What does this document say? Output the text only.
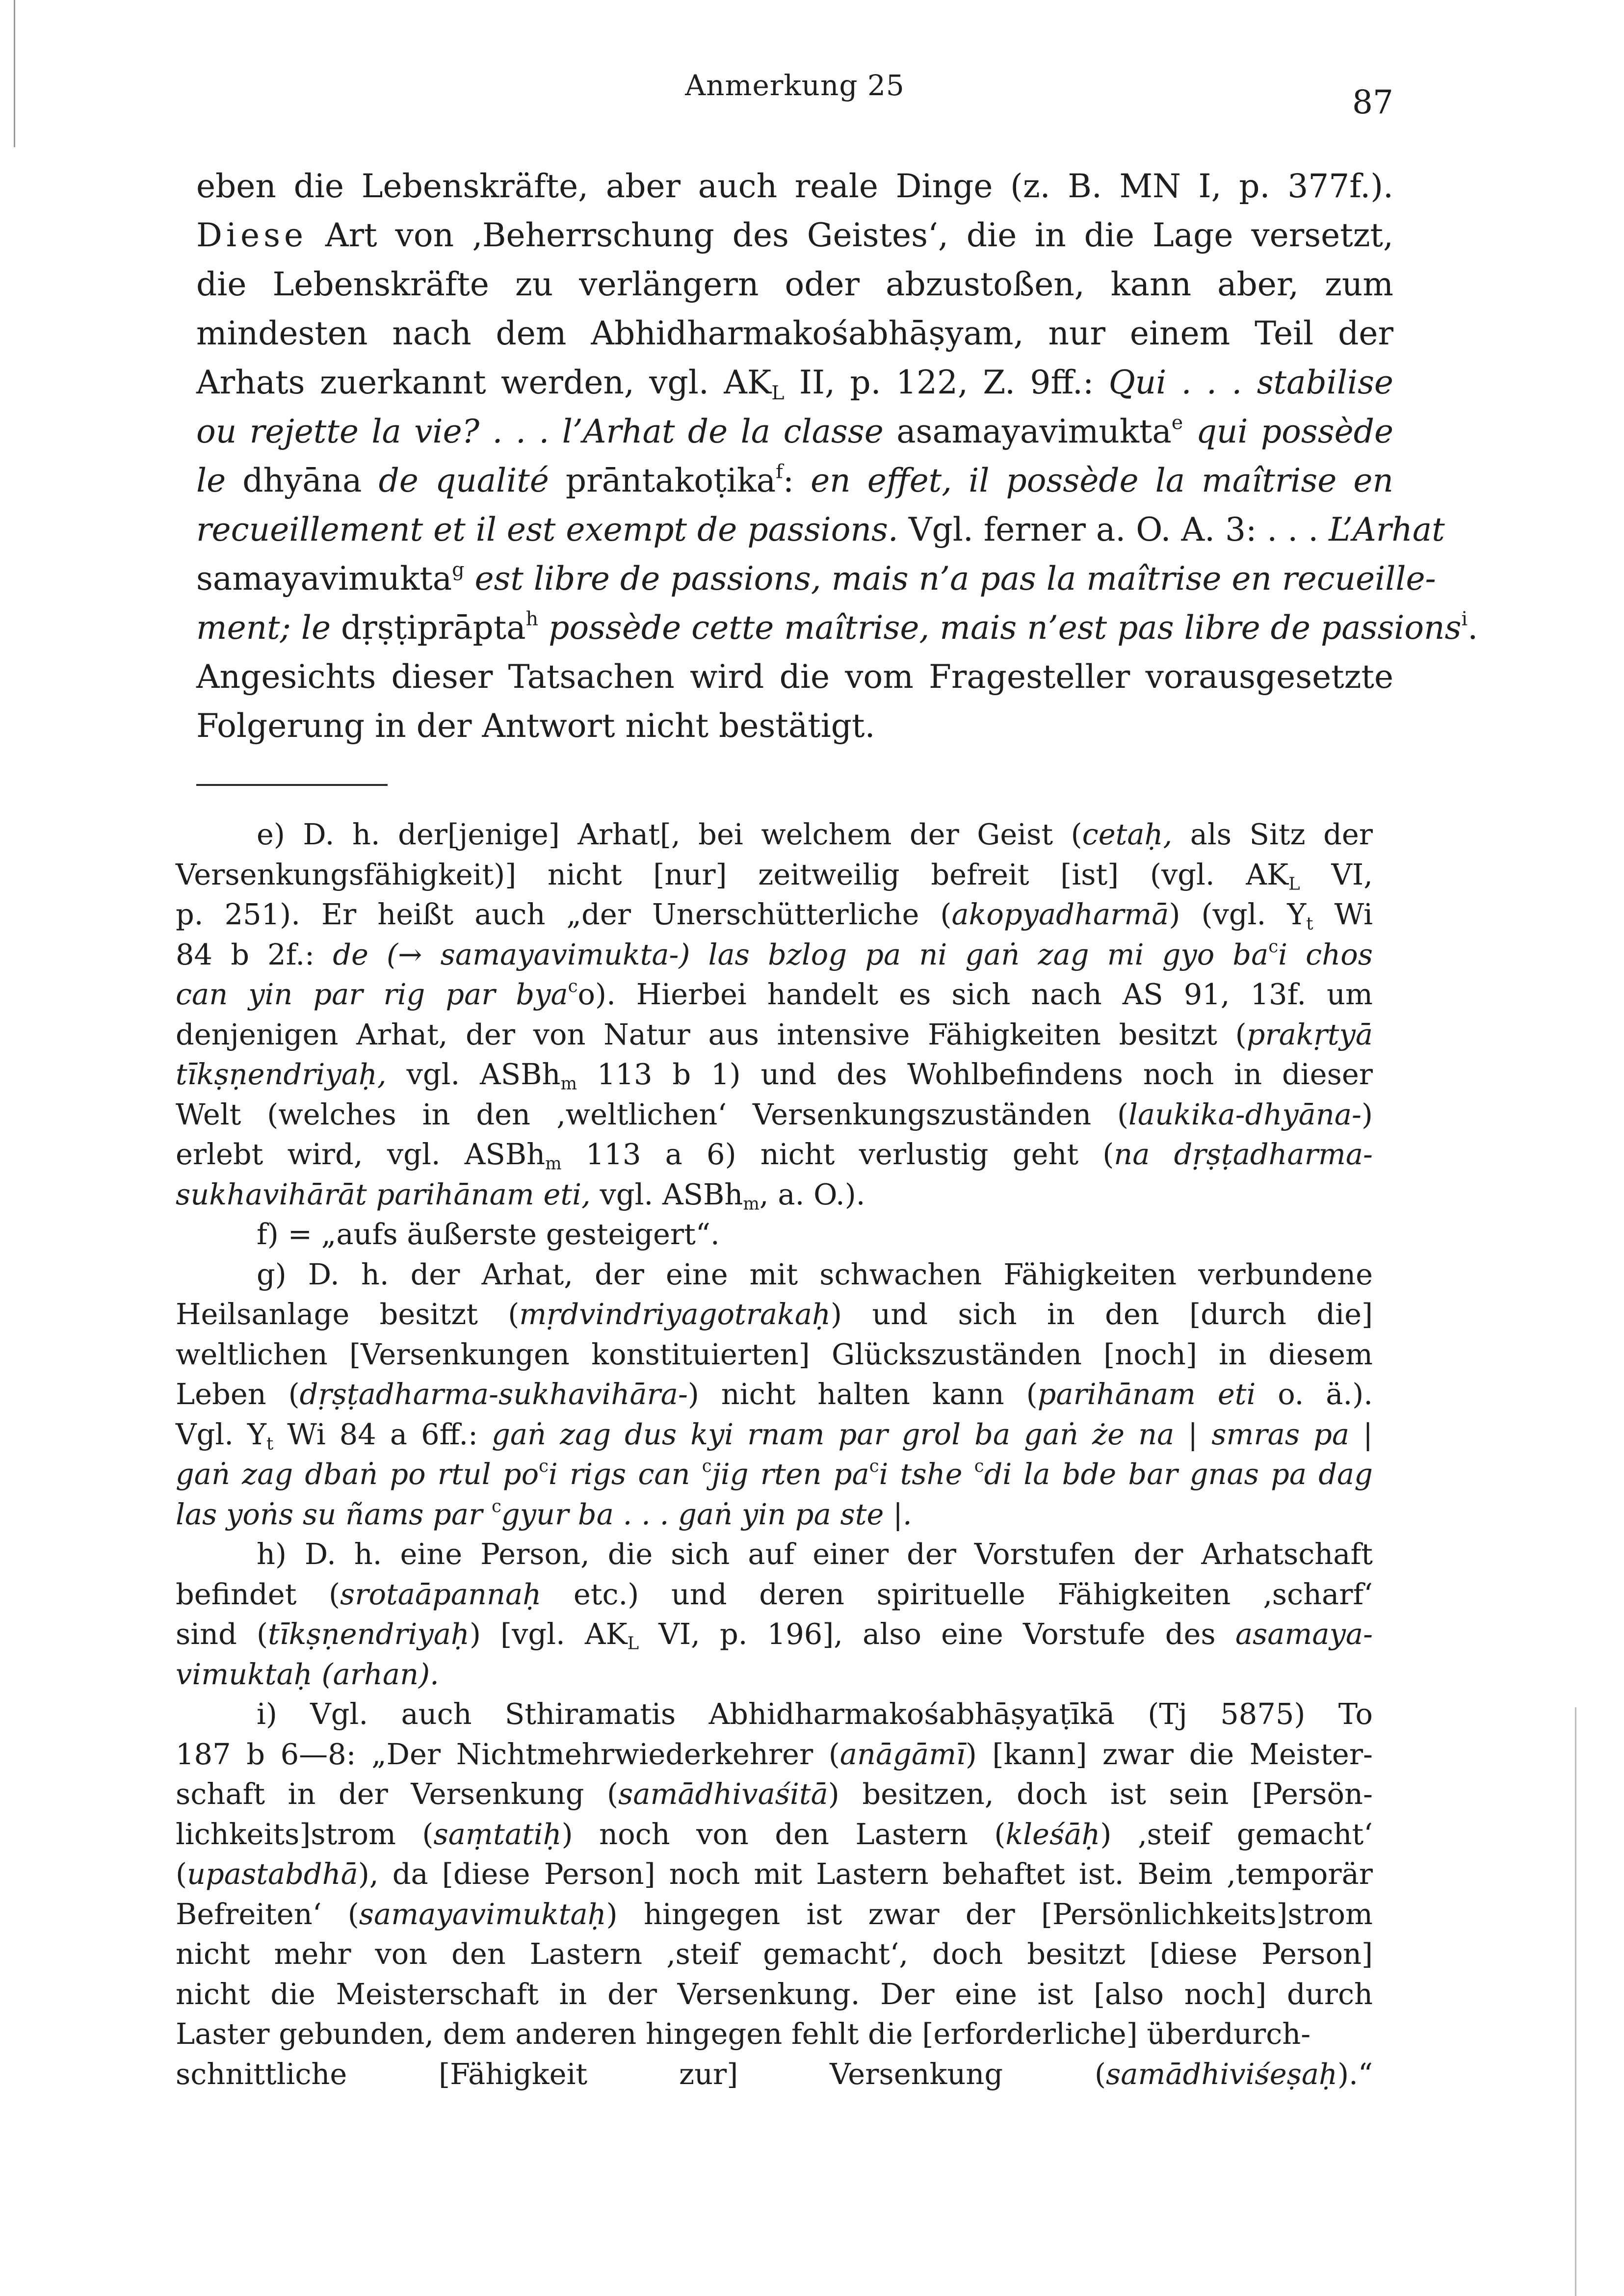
Anmerkung 25	87
eben die Lebenskräfte, aber auch reale Dinge (z. B. MN I, p. 377f.).
Diese Art von ‚Beherrschung des Geistes‘, die in die Lage versetzt,
die Lebenskräfte zu verlängern oder abzustoßen, kann aber, zum
mindesten nach dem Abhidharmakośabhāṣyam, nur einem Teil der
Arhats zuerkannt werden, vgl. $AK_L$ II, p. 122, Z. 9ff.: Qui . . . stabilise
ou rejette la vie? . . . l’Arhat de la classe asamayavimukta$^e$ qui possède
le dhyāna de qualité prāntakoṭika$^f$: en effet, il possède la maîtrise en
recueillement et il est exempt de passions. Vgl. ferner a. O. A. 3: . . . L’Arhat
samayavimukta$^g$ est libre de passions, mais n’a pas la maîtrise en recueille-
ment; le dṛṣṭiprāpta$^h$ possède cette maîtrise, mais n’est pas libre de passions$^i$.
Angesichts dieser Tatsachen wird die vom Fragesteller vorausgesetzte
Folgerung in der Antwort nicht bestätigt.
e) D. h. der[jenige] Arhat[, bei welchem der Geist (cetaḥ, als Sitz der
Versenkungsfähigkeit)] nicht [nur] zeitweilig befreit [ist] (vgl. $AK_L$ VI,
p. 251). Er heißt auch „der Unerschütterliche (akopyadharmā) (vgl. $Y_t$ Wi
84 b 2f.: de (→ samayavimukta-) las bzlog pa ni gaṅ zag mi gyo $ba^ci$ chos
can yin par rig par bya$^c$o). Hierbei handelt es sich nach AS 91, 13f. um
denjenigen Arhat, der von Natur aus intensive Fähigkeiten besitzt (prakṛtyā
tīkṣṇendriyaḥ, vgl. ASBh$_m$ 113 b 1) und des Wohlbefindens noch in dieser
Welt (welches in den ‚weltlichen‘ Versenkungszuständen (laukika-dhyāna-)
erlebt wird, vgl. ASBh$_m$ 113 a 6) nicht verlustig geht (na dṛṣṭadharma-
sukhavihārāt parihānam eti, vgl. ASBh$_m$, a. O.).
f) = „aufs äußerste gesteigert“.
g) D. h. der Arhat, der eine mit schwachen Fähigkeiten verbundene
Heilsanlage besitzt (mṛdvindriyagotrakaḥ) und sich in den [durch die]
weltlichen [Versenkungen konstituierten] Glückszuständen [noch] in diesem
Leben (dṛṣṭadharma-sukhavihāra-) nicht halten kann (parihānam eti o. ä.).
Vgl. $Y_t$ Wi 84 a 6ff.: gaṅ zag dus kyi rnam par grol ba gaṅ że na | smras pa |
gaṅ zag dbaṅ po rtul $po^ci$ rigs can $^c$jig rten $pa^ci$ tshe $^c$di la bde bar gnas pa dag
las yoṅs su ñams par $^c$gyur ba . . . gaṅ yin pa ste |.
h) D. h. eine Person, die sich auf einer der Vorstufen der Arhatschaft
befindet (srotaāpannaḥ etc.) und deren spirituelle Fähigkeiten ‚scharf‘
sind (tīkṣṇendriyaḥ) [vgl. $AK_L$ VI, p. 196], also eine Vorstufe des asamaya-
vimuktaḥ (arhan).
i) Vgl. auch Sthiramatis Abhidharmakośabhāṣyaṭīkā (Tj 5875) To
187 b 6—8: „Der Nichtmehrwiederkehrer (anāgāmī) [kann] zwar die Meister-
schaft in der Versenkung (samādhivaśitā) besitzen, doch ist sein [Persön-
lichkeits]strom (saṃtatiḥ) noch von den Lastern (kleśāḥ) ‚steif gemacht‘
(upastabdhā), da [diese Person] noch mit Lastern behaftet ist. Beim ‚temporär
Befreiten‘ (samayavimuktaḥ) hingegen ist zwar der [Persönlichkeits]strom
nicht mehr von den Lastern ‚steif gemacht‘, doch besitzt [diese Person]
nicht die Meisterschaft in der Versenkung. Der eine ist [also noch] durch
Laster gebunden, dem anderen hingegen fehlt die [erforderliche] überdurch-
schnittliche [Fähigkeit zur] Versenkung (samādhiviśeṣaḥ).“
